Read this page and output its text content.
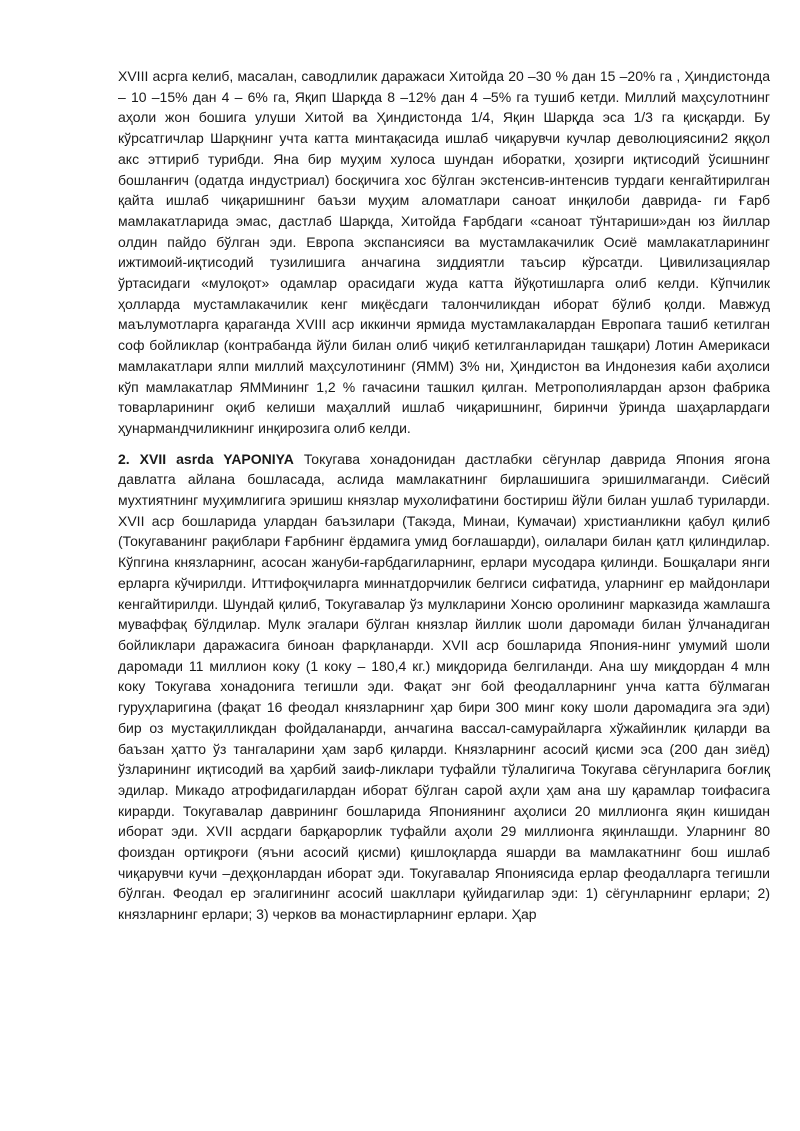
XVIII асрга келиб, масалан, саводлилик даражаси Хитойда 20 –30 % дан 15 –20% га , Ҳиндистонда – 10 –15% дан 4 – 6% га, Яқип Шарқда 8 –12% дан 4 –5% га тушиб кетди. Миллий маҳсулотнинг аҳоли жон бошига улуши Хитой ва Ҳиндистонда 1/4, Яқин Шарқда эса 1/3 га қисқарди. Бу кўрсатгичлар Шарқнинг учта катта минтақасида ишлаб чиқарувчи кучлар деволюциясини2 яққол акс эттириб турибди. Яна бир муҳим хулоса шундан иборатки, ҳозирги иқтисодий ўсишнинг бошланғич (одатда индустриал) босқичига хос бўлган экстенсив-интенсив турдаги кенгайтирилган қайта ишлаб чиқаришнинг баъзи муҳим аломатлари саноат инқилоби даврида- ги Ғарб мамлакатларида эмас, дастлаб Шарқда, Хитойда Ғарбдаги «саноат тўнтариши»дан юз йиллар олдин пайдо бўлган эди. Европа экспансияси ва мустамлакачилик Осиё мамлакатларининг ижтимоий-иқтисодий тузилишига анчагина зиддиятли таъсир кўрсатди. Цивилизациялар ўртасидаги «мулоқот» одамлар орасидаги жуда катта йўқотишларга олиб келди. Кўпчилик ҳолларда мустамлакачилик кенг миқёсдаги талончиликдан иборат бўлиб қолди. Мавжуд маълумотларга қараганда XVIII аср иккинчи ярмида мустамлакалардан Европага ташиб кетилган соф бойликлар (контрабанда йўли билан олиб чиқиб кетилганларидан ташқари) Лотин Америкаси мамлакатлари ялпи миллий маҳсулотининг (ЯММ) 3% ни, Ҳиндистон ва Индонезия каби аҳолиси кўп мамлакатлар ЯММининг 1,2 % гачасини ташкил қилган. Метрополиялардан арзон фабрика товарларининг оқиб келиши маҳаллий ишлаб чиқаришнинг, биринчи ўринда шаҳарлардаги ҳунармандчиликнинг инқирозига олиб келди.

2. XVII asrda YAPONIYA Токугава хонадонидан дастлабки сёгунлар даврида Япония ягона давлатга айлана бошласада, аслида мамлакатнинг бирлашишига эришилмаганди. Сиёсий мухтиятнинг муҳимлигига эришиш князлар мухолифатини бостириш йўли билан ушлаб туриларди. XVII аср бошларида улардан баъзилари (Такэда, Минаи, Кумачаи) христианликни қабул қилиб (Токугаванинг рақиблари Ғарбнинг ёрдамига умид боғлашарди), оилалари билан қатл қилиндилар. Кўпгина князларнинг, асосан жануби-ғарбдагиларнинг, ерлари мусодара қилинди. Бошқалари янги ерларга кўчирилди. Иттифоқчиларга миннатдорчилик белгиси сифатида, уларнинг ер майдонлари кенгайтирилди. Шундай қилиб, Токугавалар ўз мулкларини Хонсю оролининг марказида жамлашга муваффақ бўлдилар. Мулк эгалари бўлган князлар йиллик шоли даромади билан ўлчанадиган бойликлари даражасига биноан фарқланарди. XVII аср бошларида Япония-нинг умумий шоли даромади 11 миллион коку (1 коку – 180,4 кг.) миқдорида белгиланди. Ана шу миқдордан 4 млн коку Токугава хонадонига тегишли эди. Фақат энг бой феодалларнинг унча катта бўлмаган гуруҳларигина (фақат 16 феодал князларнинг ҳар бири 300 минг коку шоли даромадига эга эди) бир оз мустақилликдан фойдаланарди, анчагина вассал-самурайларга хўжайинлик қиларди ва баъзан ҳатто ўз тангаларини ҳам зарб қиларди. Князларнинг асосий қисми эса (200 дан зиёд) ўзларининг иқтисодий ва ҳарбий заиф-ликлари туфайли тўлалигича Токугава сёгунларига боғлиқ эдилар. Микадо атрофидагилардан иборат бўлган сарой аҳли ҳам ана шу қарамлар тоифасига кирарди. Токугавалар даврининг бошларида Япониянинг аҳолиси 20 миллионга яқин кишидан иборат эди. XVII асрдаги барқарорлик туфайли аҳоли 29 миллионга яқинлашди. Уларнинг 80 фоиздан ортиқроғи (яъни асосий қисми) қишлоқларда яшарди ва мамлакатнинг бош ишлаб чиқарувчи кучи –деҳқонлардан иборат эди. Токугавалар Япониясида ерлар феодалларга тегишли бўлган. Феодал ер эгалигининг асосий шакллари қуйидагилар эди: 1) сёгунларнинг ерлари; 2) князларнинг ерлари; 3) черков ва монастирларнинг ерлари. Ҳар
